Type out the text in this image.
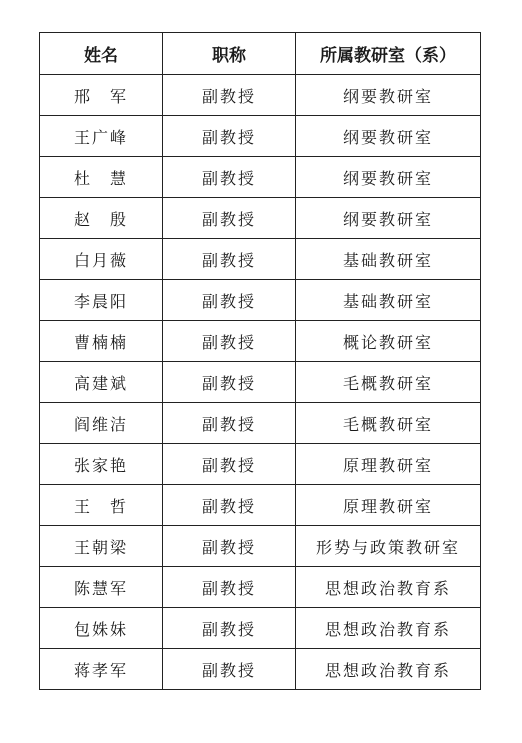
姓名	职称	所属教研室（系）
邢　军	副教授	纲要教研室
王广峰	副教授	纲要教研室
杜　慧	副教授	纲要教研室
赵　殷	副教授	纲要教研室
白月薇	副教授	基础教研室
李晨阳	副教授	基础教研室
曹楠楠	副教授	概论教研室
高建斌	副教授	毛概教研室
阎维洁	副教授	毛概教研室
张家艳	副教授	原理教研室
王　哲	副教授	原理教研室
王朝梁	副教授	形势与政策教研室
陈慧军	副教授	思想政治教育系
包姝妹	副教授	思想政治教育系
蒋孝军	副教授	思想政治教育系
